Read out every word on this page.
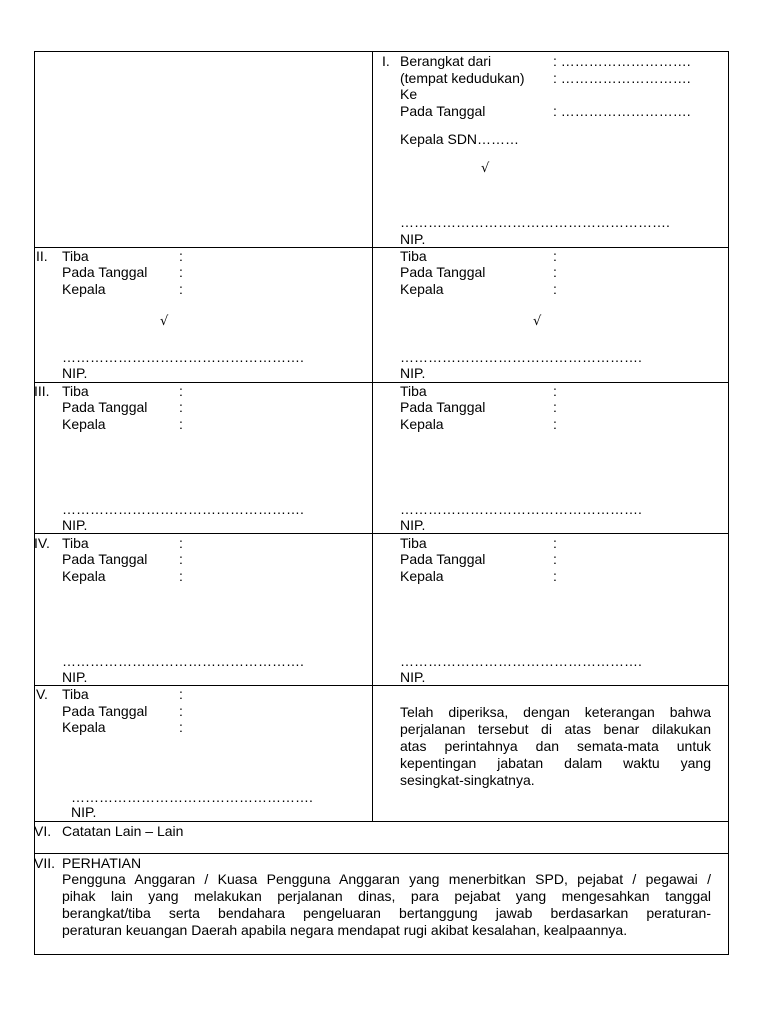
I. Berangkat dari	: ……………………….
(tempat kedudukan) : ……………………….
Ke
Pada Tanggal	: ……………………….
Kepala SDN………
√
………………………………………………….
NIP.
II. Tiba	:
Pada Tanggal :
Kepala	:
√
…………………………………………….
NIP.
Tiba	:
Pada Tanggal	:
Kepala	:
√
…………………………………………….
NIP.
III. Tiba	:
Pada Tanggal :
Kepala	:
…………………………………………….
NIP.
Tiba	:
Pada Tanggal	:
Kepala	:
…………………………………………….
NIP.
IV. Tiba	:
Pada Tanggal :
Kepala	:
…………………………………………….
NIP.
Tiba	:
Pada Tanggal	:
Kepala	:
…………………………………………….
NIP.
V. Tiba	:
Pada Tanggal :
Kepala	:
…………………………………………….
NIP.
Telah diperiksa, dengan keterangan bahwa
perjalanan tersebut di atas benar dilakukan
atas perintahnya dan semata-mata untuk
kepentingan jabatan dalam waktu yang
sesingkat-singkatnya.
VI. Catatan Lain – Lain
VII. PERHATIAN
Pengguna Anggaran / Kuasa Pengguna Anggaran yang menerbitkan SPD, pejabat / pegawai /
pihak lain yang melakukan perjalanan dinas, para pejabat yang mengesahkan tanggal
berangkat/tiba serta bendahara pengeluaran bertanggung jawab berdasarkan peraturan-
peraturan keuangan Daerah apabila negara mendapat rugi akibat kesalahan, kealpaannya.
